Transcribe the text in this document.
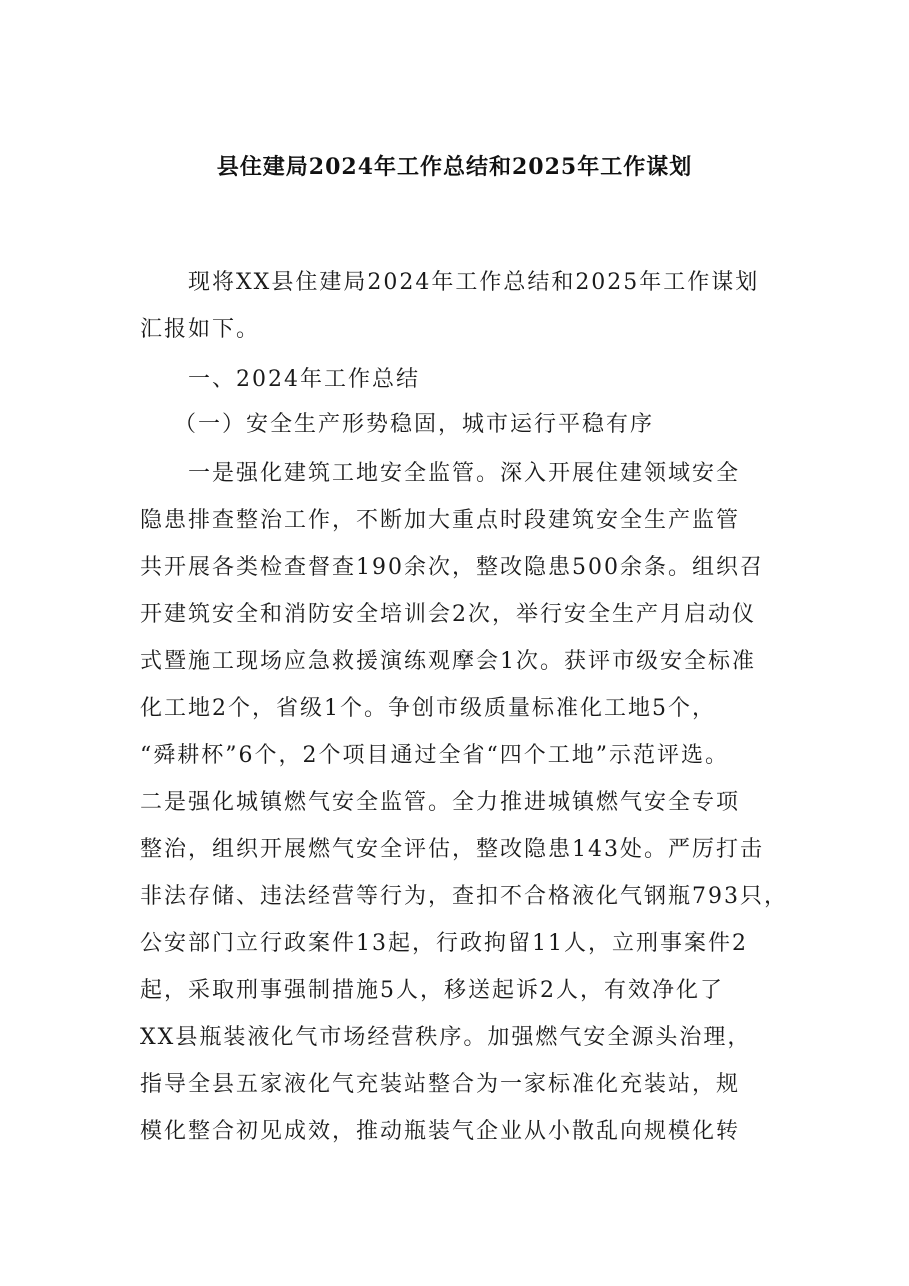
县住建局2024年工作总结和2025年工作谋划
现将XX县住建局2024年工作总结和2025年工作谋划
汇报如下。
一、2024年工作总结
（一）安全生产形势稳固，城市运行平稳有序
一是强化建筑工地安全监管。深入开展住建领域安全
隐患排查整治工作，不断加大重点时段建筑安全生产监管
共开展各类检查督查190余次，整改隐患500余条。组织召
开建筑安全和消防安全培训会2次，举行安全生产月启动仪
式暨施工现场应急救援演练观摩会1次。获评市级安全标准
化工地2个，省级1个。争创市级质量标准化工地5个，
“舜耕杯”6个，2个项目通过全省“四个工地”示范评选。
二是强化城镇燃气安全监管。全力推进城镇燃气安全专项
整治，组织开展燃气安全评估，整改隐患143处。严厉打击
非法存储、违法经营等行为，查扣不合格液化气钢瓶793只，
公安部门立行政案件13起，行政拘留11人，立刑事案件2
起，采取刑事强制措施5人，移送起诉2人，有效净化了
XX县瓶装液化气市场经营秩序。加强燃气安全源头治理，
指导全县五家液化气充装站整合为一家标准化充装站，规
模化整合初见成效，推动瓶装气企业从小散乱向规模化转
